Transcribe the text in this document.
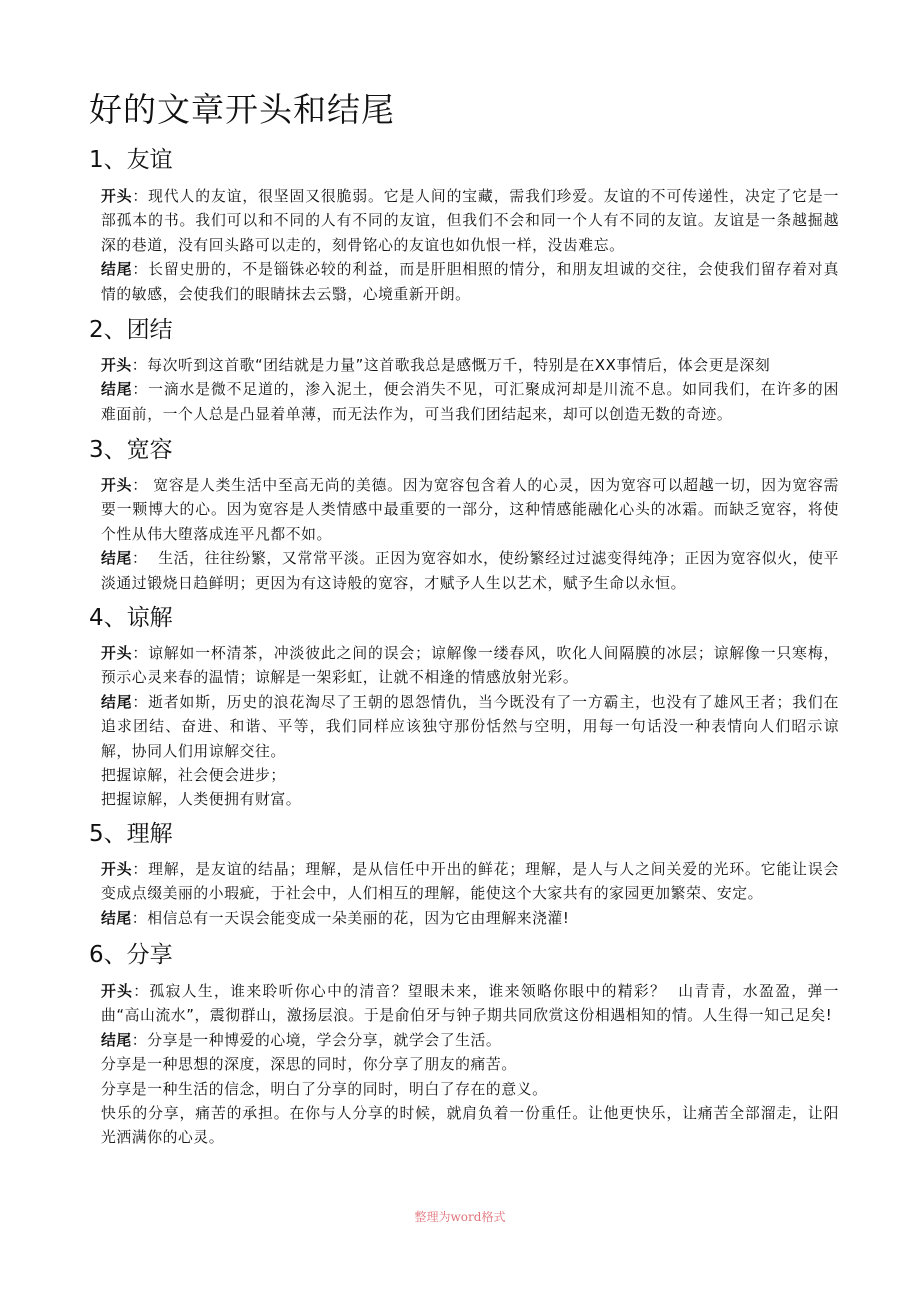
好的文章开头和结尾
1、友谊

开头：现代人的友谊，很坚固又很脆弱。它是人间的宝藏，需我们珍爱。友谊的不可传递性，决定了它是一部孤本的书。我们可以和不同的人有不同的友谊，但我们不会和同一个人有不同的友谊。友谊是一条越掘越深的巷道，没有回头路可以走的，刻骨铭心的友谊也如仇恨一样，没齿难忘。

结尾：长留史册的，不是锱铢必较的利益，而是肝胆相照的情分，和朋友坦诚的交往，会使我们留存着对真情的敏感，会使我们的眼睛抹去云翳，心境重新开朗。

2、团结

开头：每次听到这首歌“团结就是力量”这首歌我总是感慨万千，特别是在XX事情后，体会更是深刻

结尾：一滴水是微不足道的，渗入泥土，便会消失不见，可汇聚成河却是川流不息。如同我们，在许多的困难面前，一个人总是凸显着单薄，而无法作为，可当我们团结起来，却可以创造无数的奇迹。

3、宽容

开头： 宽容是人类生活中至高无尚的美德。因为宽容包含着人的心灵，因为宽容可以超越一切，因为宽容需要一颗博大的心。因为宽容是人类情感中最重要的一部分，这种情感能融化心头的冰霜。而缺乏宽容，将使个性从伟大堕落成连平凡都不如。

结尾：  生活，往往纷繁，又常常平淡。正因为宽容如水，使纷繁经过过滤变得纯净；正因为宽容似火，使平淡通过锻烧日趋鲜明；更因为有这诗般的宽容，才赋予人生以艺术，赋予生命以永恒。

4、谅解

开头：谅解如一杯清茶，冲淡彼此之间的误会；谅解像一缕春风，吹化人间隔膜的冰层；谅解像一只寒梅，预示心灵来春的温情；谅解是一架彩虹，让就不相逢的情感放射光彩。

结尾：逝者如斯，历史的浪花淘尽了王朝的恩怨情仇，当今既没有了一方霸主，也没有了雄风王者；我们在追求团结、奋进、和谐、平等，我们同样应该独守那份恬然与空明，用每一句话没一种表情向人们昭示谅解，协同人们用谅解交往。

把握谅解，社会便会进步；

把握谅解，人类便拥有财富。

5、理解

开头：理解，是友谊的结晶；理解，是从信任中开出的鲜花；理解，是人与人之间关爱的光环。它能让误会变成点缀美丽的小瑕疵，于社会中，人们相互的理解，能使这个大家共有的家园更加繁荣、安定。

结尾：相信总有一天误会能变成一朵美丽的花，因为它由理解来浇灌!

6、分享

开头：孤寂人生，谁来聆听你心中的清音？望眼未来，谁来领略你眼中的精彩？  山青青，水盈盈，弹一曲“高山流水”，震彻群山，激扬层浪。于是俞伯牙与钟子期共同欣赏这份相遇相知的情。人生得一知己足矣!

结尾：分享是一种博爱的心境，学会分享，就学会了生活。

分享是一种思想的深度，深思的同时，你分享了朋友的痛苦。

分享是一种生活的信念，明白了分享的同时，明白了存在的意义。

快乐的分享，痛苦的承担。在你与人分享的时候，就肩负着一份重任。让他更快乐，让痛苦全部溜走，让阳光洒满你的心灵。

整理为word格式
